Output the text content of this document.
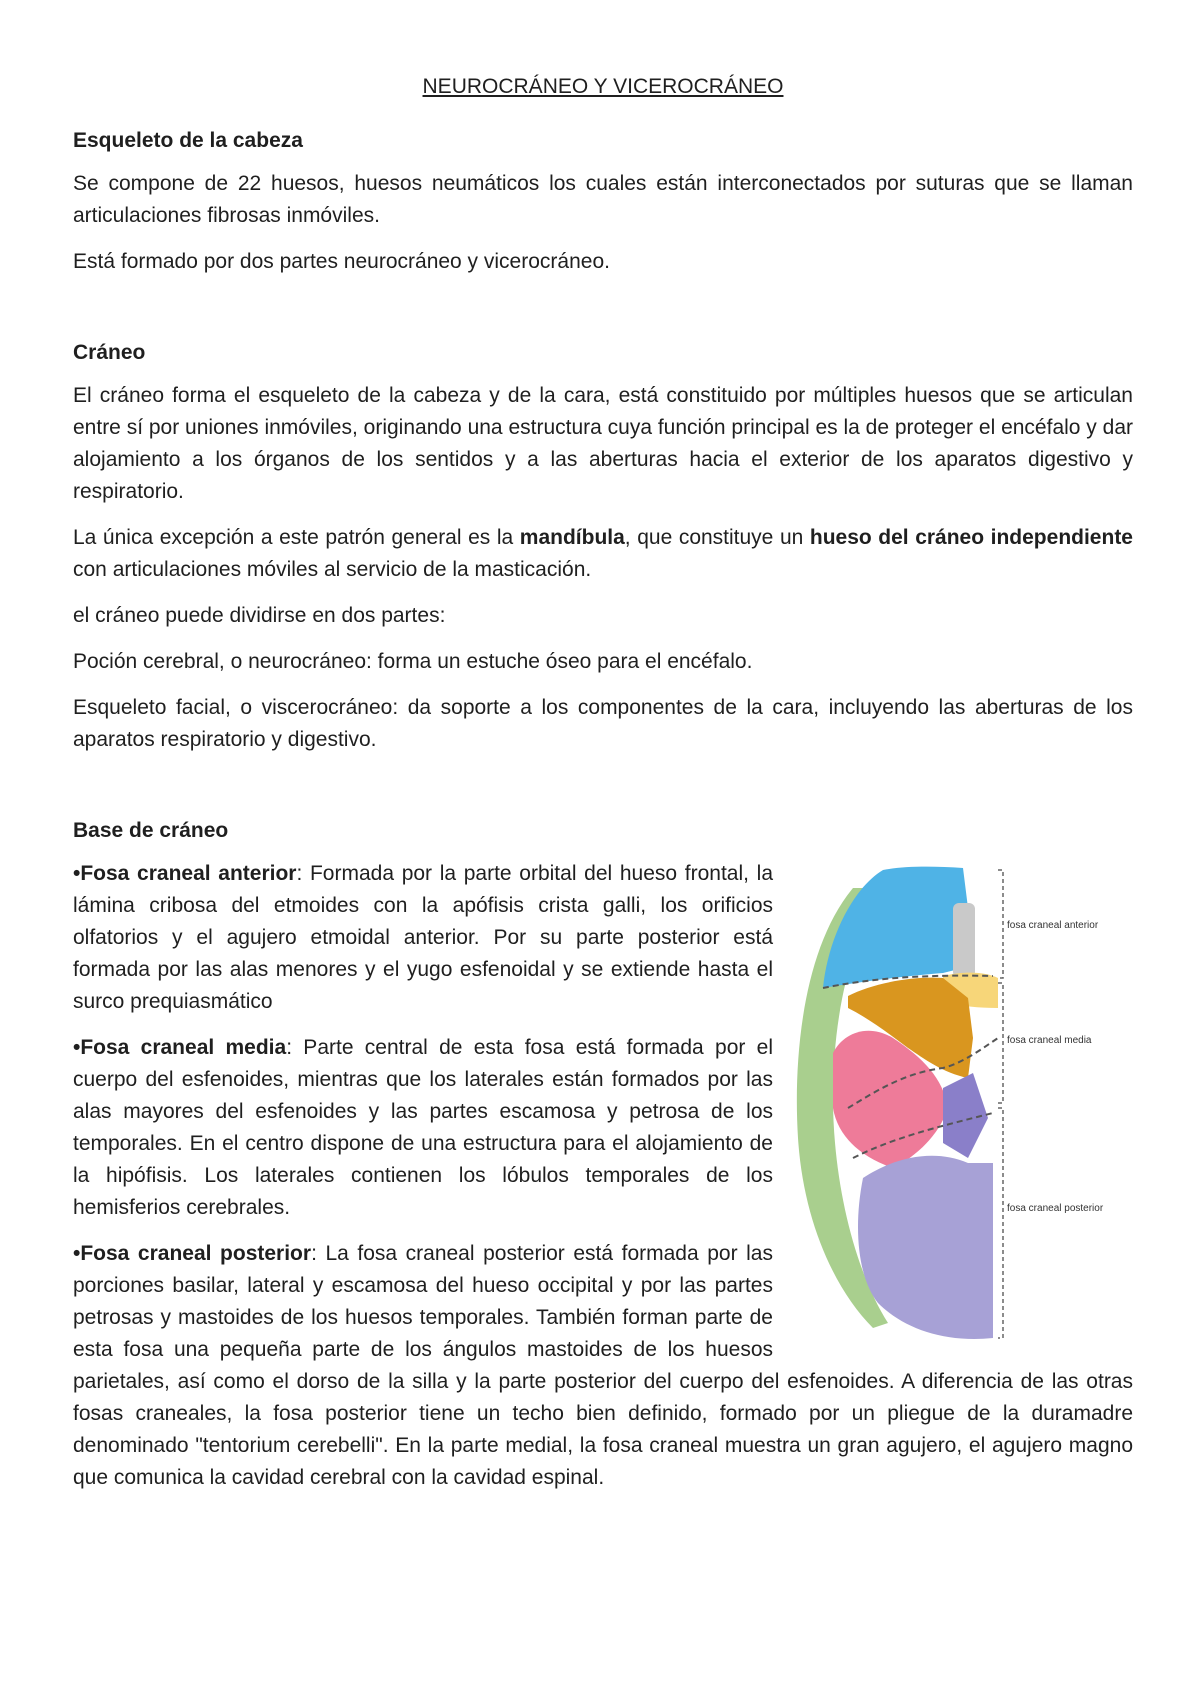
NEUROCRÁNEO Y VICEROCRÁNEO
Esqueleto de la cabeza

Se compone de 22 huesos, huesos neumáticos los cuales están interconectados por suturas que se llaman articulaciones fibrosas inmóviles.

Está formado por dos partes neurocráneo y vicerocráneo.

Cráneo

El cráneo forma el esqueleto de la cabeza y de la cara, está constituido por múltiples huesos que se articulan entre sí por uniones inmóviles, originando una estructura cuya función principal es la de proteger el encéfalo y dar alojamiento a los órganos de los sentidos y a las aberturas hacia el exterior de los aparatos digestivo y respiratorio.

La única excepción a este patrón general es la mandíbula, que constituye un hueso del cráneo independiente con articulaciones móviles al servicio de la masticación.

el cráneo puede dividirse en dos partes:

Poción cerebral, o neurocráneo: forma un estuche óseo para el encéfalo.

Esqueleto facial, o viscerocráneo: da soporte a los componentes de la cara, incluyendo las aberturas de los aparatos respiratorio y digestivo.

Base de cráneo
fosa craneal anterior
fosa craneal media
fosa craneal posterior

•Fosa craneal anterior: Formada por la parte orbital del hueso frontal, la lámina cribosa del etmoides con la apófisis crista galli, los orificios olfatorios y el agujero etmoidal anterior. Por su parte posterior está formada por las alas menores y el yugo esfenoidal y se extiende hasta el surco prequiasmático

•Fosa craneal media: Parte central de esta fosa está formada por el cuerpo del esfenoides, mientras que los laterales están formados por las alas mayores del esfenoides y las partes escamosa y petrosa de los temporales. En el centro dispone de una estructura para el alojamiento de la hipófisis. Los laterales contienen los lóbulos temporales de los hemisferios cerebrales.

•Fosa craneal posterior: La fosa craneal posterior está formada por las porciones basilar, lateral y escamosa del hueso occipital y por las partes petrosas y mastoides de los huesos temporales. También forman parte de esta fosa una pequeña parte de los ángulos mastoides de los huesos parietales, así como el dorso de la silla y la parte posterior del cuerpo del esfenoides. A diferencia de las otras fosas craneales, la fosa posterior tiene un techo bien definido, formado por un pliegue de la duramadre denominado "tentorium cerebelli". En la parte medial, la fosa craneal muestra un gran agujero, el agujero magno que comunica la cavidad cerebral con la cavidad espinal.
